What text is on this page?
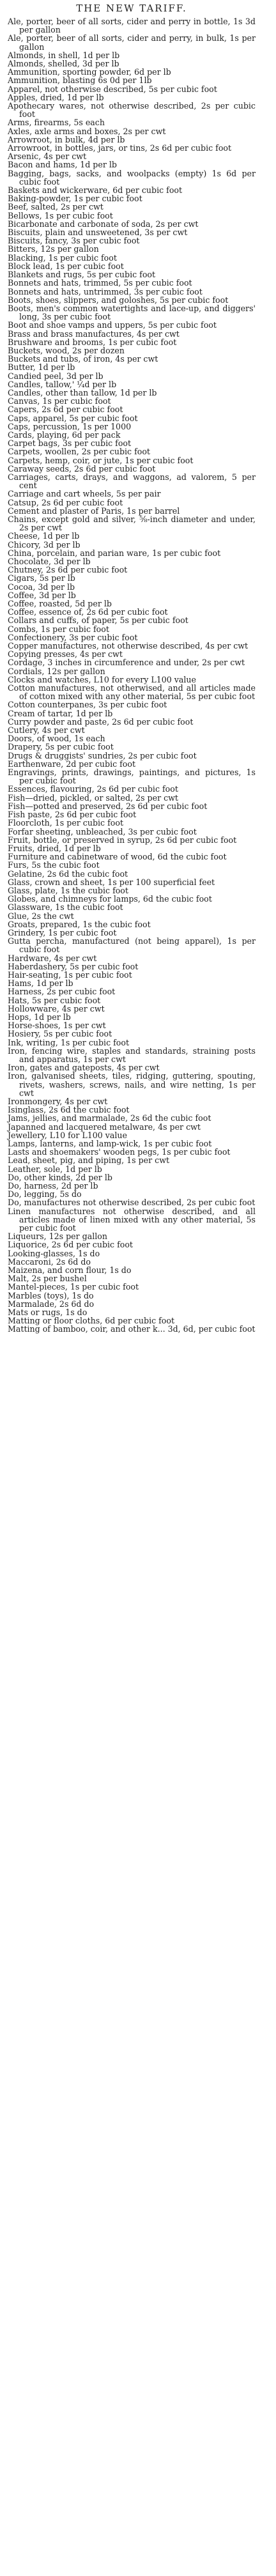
THE NEW TARIFF.

Ale, porter, beer of all sorts, cider and perry in bottle, 1s 3d per gallon

Ale, porter, beer of all sorts, cider and perry, in bulk, 1s per gallon

Almonds, in shell, 1d per lb

Almonds, shelled, 3d per lb

Ammunition, sporting powder, 6d per lb

Ammunition, blasting 6s 0d per 1lb

Apparel, not otherwise described, 5s per cubic foot

Apples, dried, 1d per lb

Apothecary wares, not otherwise described, 2s per cubic foot

Arms, firearms, 5s each

Axles, axle arms and boxes, 2s per cwt

Arrowroot, in bulk, 4d per lb

Arrowroot, in bottles, jars, or tins, 2s 6d per cubic foot

Arsenic, 4s per cwt

Bacon and hams, 1d per lb

Bagging, bags, sacks, and woolpacks (empty) 1s 6d per cubic foot

Baskets and wickerware, 6d per cubic foot

Baking-powder, 1s per cubic foot

Beef, salted, 2s per cwt

Bellows, 1s per cubic foot

Bicarbonate and carbonate of soda, 2s per cwt

Biscuits, plain and unsweetened, 3s per cwt

Biscuits, fancy, 3s per cubic foot

Bitters, 12s per gallon

Blacking, 1s per cubic foot

Block lead, 1s per cubic foot

Blankets and rugs, 5s per cubic foot

Bonnets and hats, trimmed, 5s per cubic foot

Bonnets and hats, untrimmed, 3s per cubic foot

Boots, shoes, slippers, and goloshes, 5s per cubic foot

Boots, men's common watertights and lace-up, and diggers' long, 3s per cubic foot

Boot and shoe vamps and uppers, 5s per cubic foot

Brass and brass manufactures, 4s per cwt

Brushware and brooms, 1s per cubic foot

Buckets, wood, 2s per dozen

Buckets and tubs, of iron, 4s per cwt

Butter, 1d per lb

Candied peel, 3d per lb

Candles, tallow,' ¼d per lb

Candles, other than tallow, 1d per lb

Canvas, 1s per cubic foot

Capers, 2s 6d per cubic foot

Caps, apparel, 5s per cubic foot

Caps, percussion, 1s per 1000

Cards, playing, 6d per pack

Carpet bags, 3s per cubic foot

Carpets, woollen, 2s per cubic foot

Carpets, hemp, coir, or jute, 1s per cubic foot

Caraway seeds, 2s 6d per cubic foot

Carriages, carts, drays, and waggons, ad valorem, 5 per cent

Carriage and cart wheels, 5s per pair

Catsup, 2s 6d per cubic foot

Cement and plaster of Paris, 1s per barrel

Chains, except gold and silver, ⅝-inch diameter and under, 2s per cwt

Cheese, 1d per lb

Chicory, 3d per lb

China, porcelain, and parian ware, 1s per cubic foot

Chocolate, 3d per lb

Chutney, 2s 6d per cubic foot

Cigars, 5s per lb

Cocoa, 3d per lb

Coffee, 3d per lb

Coffee, roasted, 5d per lb

Coffee, essence of, 2s 6d per cubic foot

Collars and cuffs, of paper, 5s per cubic foot

Combs, 1s per cubic foot

Confectionery, 3s per cubic foot

Copper manufactures, not otherwise described, 4s per cwt

Copying presses, 4s per cwt

Cordage, 3 inches in circumference and under, 2s per cwt

Cordials, 12s per gallon

Clocks and watches, L10 for every L100 value

Cotton manufactures, not otherwised, and all articles made of cotton mixed with any other material, 5s per cubic foot

Cotton counterpanes, 3s per cubic foot

Cream of tartar, 1d per lb

Curry powder and paste, 2s 6d per cubic foot

Cutlery, 4s per cwt

Doors, of wood, 1s each

Drapery, 5s per cubic foot

Drugs & druggists' sundries, 2s per cubic foot

Earthenware, 2d per cubic foot

Engravings, prints, drawings, paintings, and pictures, 1s per cubic foot

Essences, flavouring, 2s 6d per cubic foot

Fish—dried, pickled, or salted, 2s per cwt

Fish—potted and preserved, 2s 6d per cubic foot

Fish paste, 2s 6d per cubic foot

Floorcloth, 1s per cubic foot

Forfar sheeting, unbleached, 3s per cubic foot

Fruit, bottle, or preserved in syrup, 2s 6d per cubic foot

Fruits, dried, 1d per lb

Furniture and cabinetware of wood, 6d the cubic foot

Furs, 5s the cubic foot

Gelatine, 2s 6d the cubic foot

Glass, crown and sheet, 1s per 100 superficial feet

Glass, plate, 1s the cubic foot

Globes, and chimneys for lamps, 6d the cubic foot

Glassware, 1s the cubic foot

Glue, 2s the cwt

Groats, prepared, 1s the cubic foot

Grindery, 1s per cubic foot

Gutta percha, manufactured (not being apparel), 1s per cubic foot

Hardware, 4s per cwt

Haberdashery, 5s per cubic foot

Hair-seating, 1s per cubic foot

Hams, 1d per lb

Harness, 2s per cubic foot

Hats, 5s per cubic foot

Hollowware, 4s per cwt

Hops, 1d per lb

Horse-shoes, 1s per cwt

Hosiery, 5s per cubic foot

Ink, writing, 1s per cubic foot

Iron, fencing wire, staples and standards, straining posts and apparatus, 1s per cwt

Iron, gates and gateposts, 4s per cwt

Iron, galvanised sheets, tiles, ridging, guttering, spouting, rivets, washers, screws, nails, and wire netting, 1s per cwt

Ironmongery, 4s per cwt

Isinglass, 2s 6d the cubic foot

Jams, jellies, and marmalade, 2s 6d the cubic foot

Japanned and lacquered metalware, 4s per cwt

Jewellery, L10 for L100 value

Lamps, lanterns, and lamp-wick, 1s per cubic foot

Lasts and shoemakers' wooden pegs, 1s per cubic foot

Lead, sheet, pig, and piping, 1s per cwt

Leather, sole, 1d per lb

Do, other kinds, 2d per lb

Do, harness, 2d per lb

Do, legging, 5s do

Do, manufactures not otherwise described, 2s per cubic foot

Linen manufactures not otherwise described, and all articles made of linen mixed with any other material, 5s per cubic foot

Liqueurs, 12s per gallon

Liquorice, 2s 6d per cubic foot

Looking-glasses, 1s do

Maccaroni, 2s 6d do

Maizena, and corn flour, 1s do

Malt, 2s per bushel

Mantel-pieces, 1s per cubic foot

Marbles (toys), 1s do

Marmalade, 2s 6d do

Mats or rugs, 1s do

Matting or floor cloths, 6d per cubic foot

Matting of bamboo, coir, and other k... 3d, 6d, per cubic foot
